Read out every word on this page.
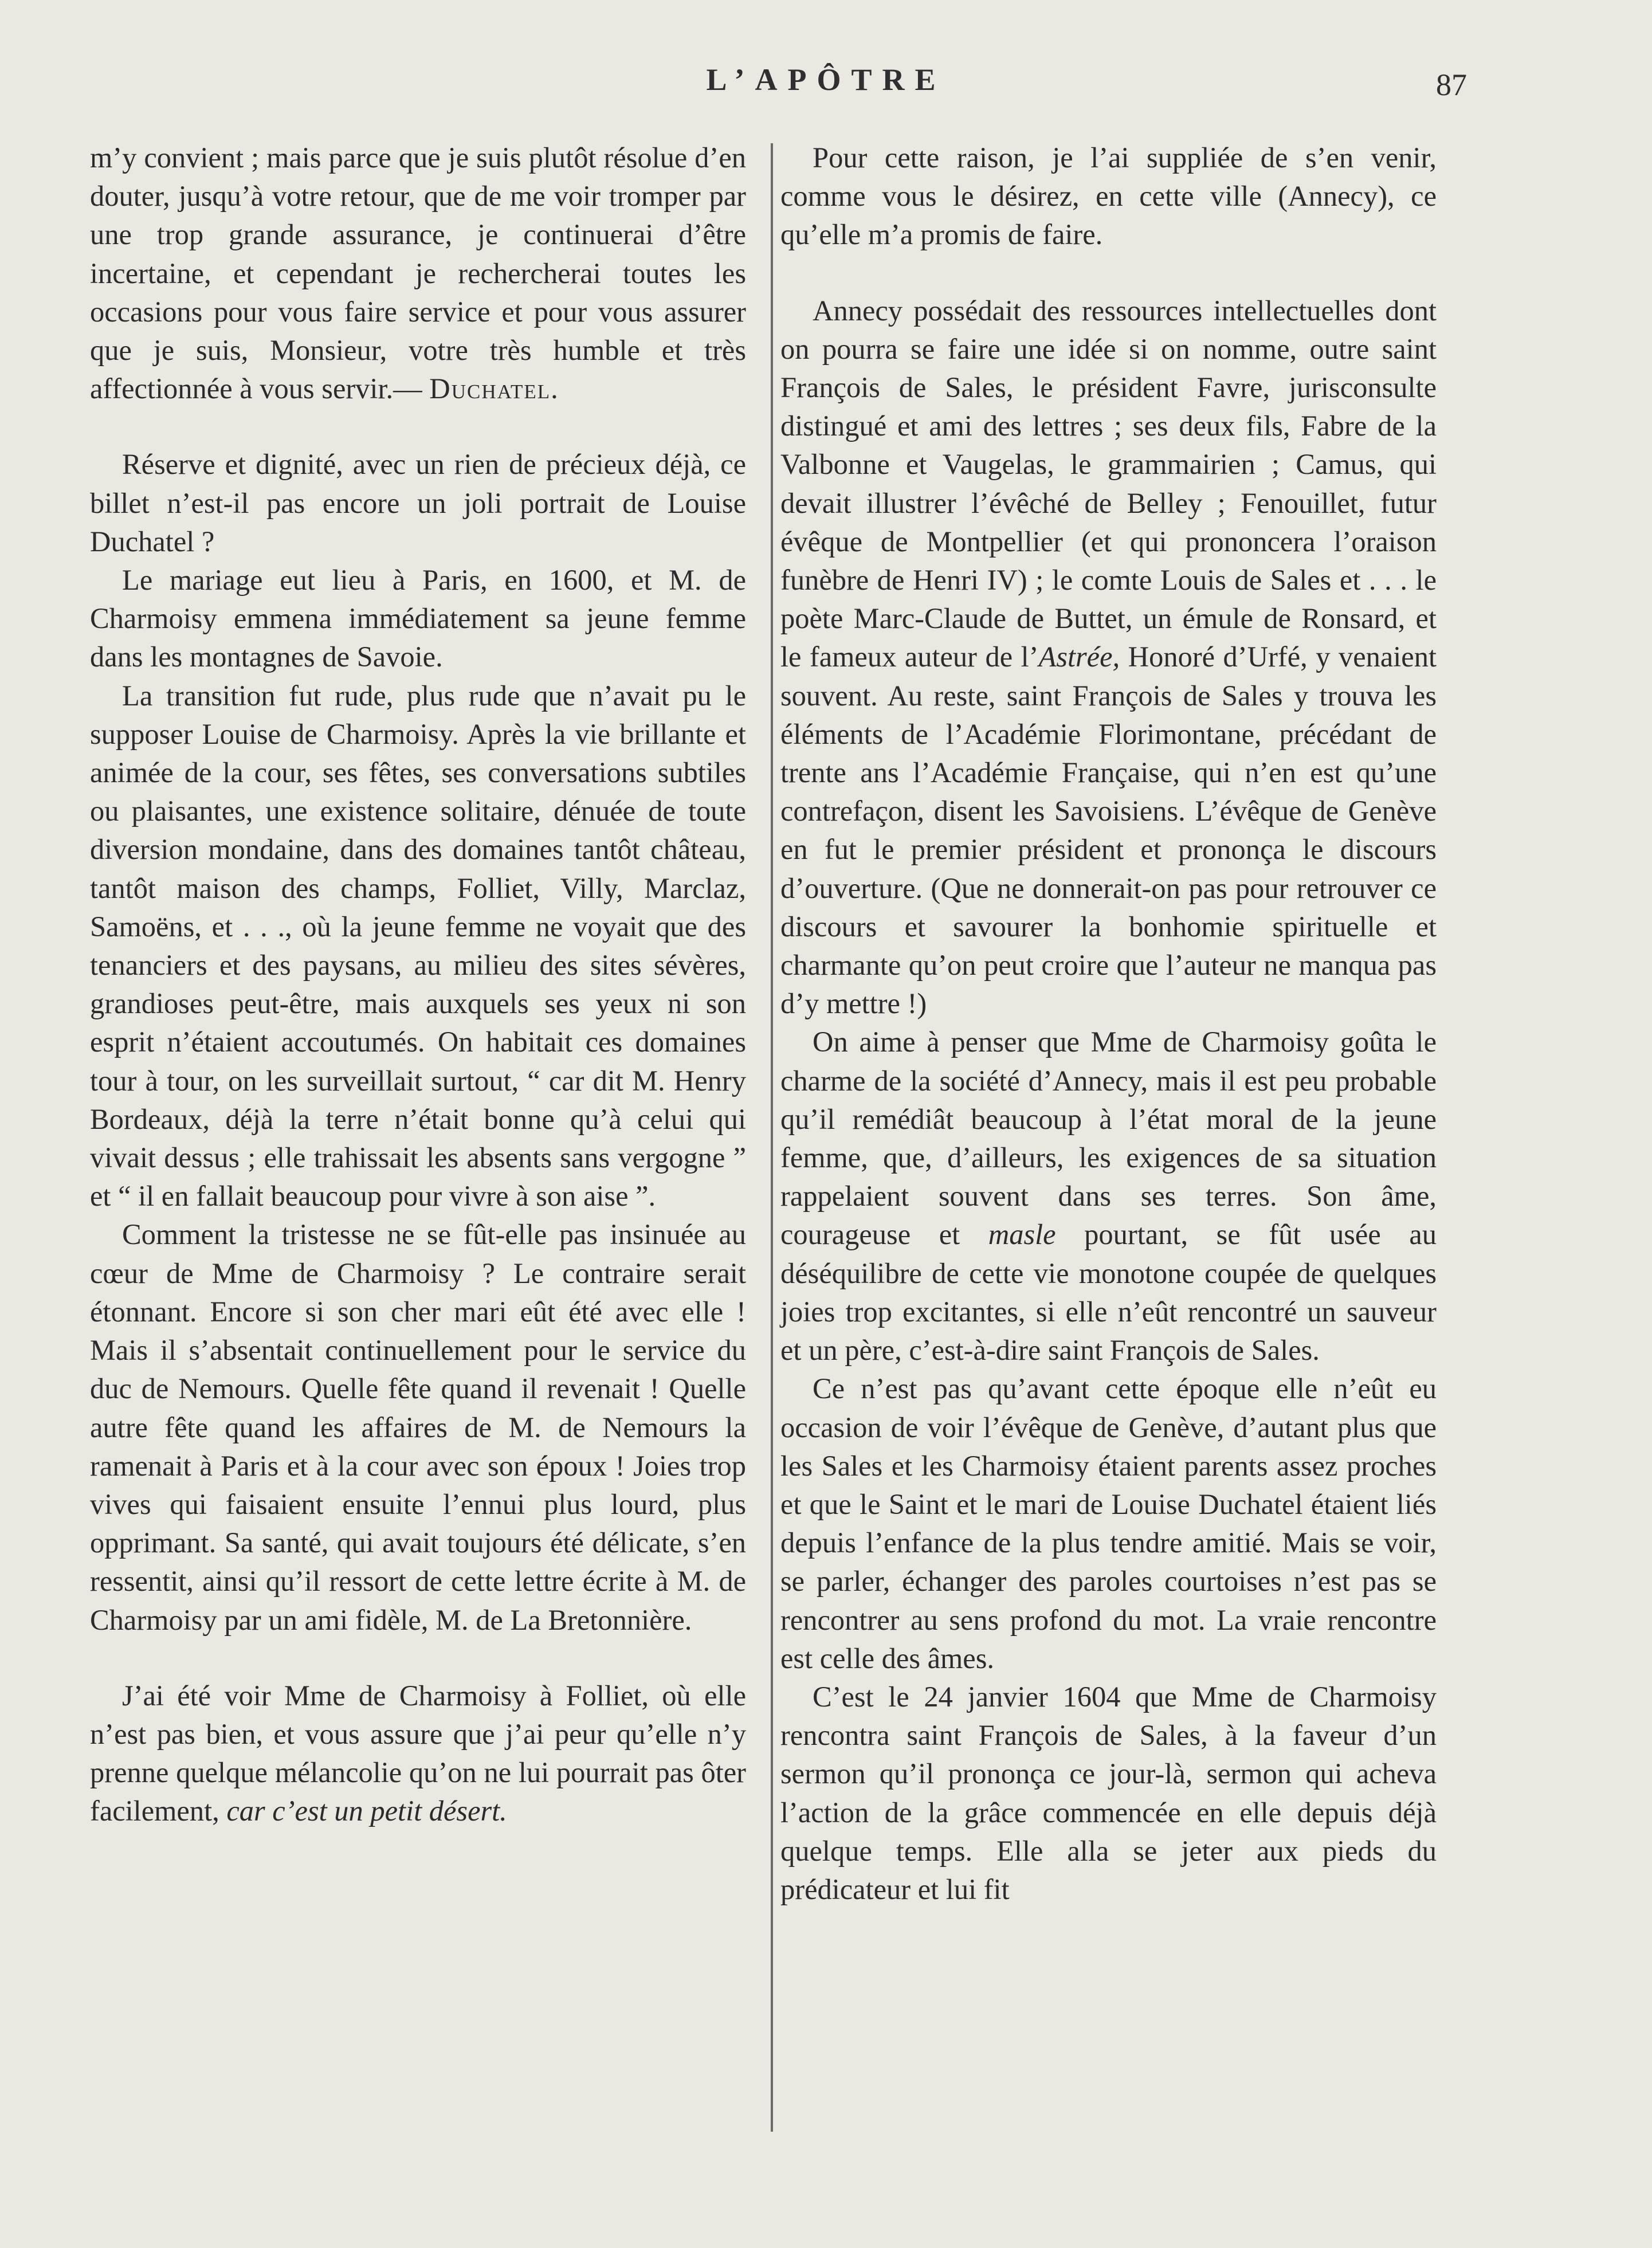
L’APÔTRE	87

m’y convient ; mais parce que je suis plutôt résolue d’en douter, jusqu’à votre retour, que de me voir tromper par une trop grande assurance, je continuerai d’être incertaine, et cependant je rechercherai toutes les occasions pour vous faire service et pour vous assurer que je suis, Monsieur, votre très humble et très affectionnée à vous servir.— Duchatel.

Réserve et dignité, avec un rien de précieux déjà, ce billet n’est-il pas encore un joli portrait de Louise Duchatel ?

Le mariage eut lieu à Paris, en 1600, et M. de Charmoisy emmena immédiatement sa jeune femme dans les montagnes de Savoie.

La transition fut rude, plus rude que n’avait pu le supposer Louise de Charmoisy. Après la vie brillante et animée de la cour, ses fêtes, ses conversations subtiles ou plaisantes, une existence solitaire, dénuée de toute diversion mondaine, dans des domaines tantôt château, tantôt maison des champs, Folliet, Villy, Marclaz, Samoëns, et . . ., où la jeune femme ne voyait que des tenanciers et des paysans, au milieu des sites sévères, grandioses peut-être, mais auxquels ses yeux ni son esprit n’étaient accoutumés. On habitait ces domaines tour à tour, on les surveillait surtout, “ car dit M. Henry Bordeaux, déjà la terre n’était bonne qu’à celui qui vivait dessus ; elle trahissait les absents sans vergogne ” et “ il en fallait beaucoup pour vivre à son aise ”.

Comment la tristesse ne se fût-elle pas insinuée au cœur de Mme de Charmoisy ? Le contraire serait étonnant. Encore si son cher mari eût été avec elle ! Mais il s’absentait continuellement pour le service du duc de Nemours. Quelle fête quand il revenait ! Quelle autre fête quand les affaires de M. de Nemours la ramenait à Paris et à la cour avec son époux ! Joies trop vives qui faisaient ensuite l’ennui plus lourd, plus opprimant. Sa santé, qui avait toujours été délicate, s’en ressentit, ainsi qu’il ressort de cette lettre écrite à M. de Charmoisy par un ami fidèle, M. de La Bretonnière.

J’ai été voir Mme de Charmoisy à Folliet, où elle n’est pas bien, et vous assure que j’ai peur qu’elle n’y prenne quelque mélancolie qu’on ne lui pourrait pas ôter facilement, car c’est un petit désert.

Pour cette raison, je l’ai suppliée de s’en venir, comme vous le désirez, en cette ville (Annecy), ce qu’elle m’a promis de faire.

Annecy possédait des ressources intellectuelles dont on pourra se faire une idée si on nomme, outre saint François de Sales, le président Favre, jurisconsulte distingué et ami des lettres ; ses deux fils, Fabre de la Valbonne et Vaugelas, le grammairien ; Camus, qui devait illustrer l’évêché de Belley ; Fenouillet, futur évêque de Montpellier (et qui prononcera l’oraison funèbre de Henri IV) ; le comte Louis de Sales et . . . le poète Marc-Claude de Buttet, un émule de Ronsard, et le fameux auteur de l’Astrée, Honoré d’Urfé, y venaient souvent. Au reste, saint François de Sales y trouva les éléments de l’Académie Florimontane, précédant de trente ans l’Académie Française, qui n’en est qu’une contrefaçon, disent les Savoisiens. L’évêque de Genève en fut le premier président et prononça le discours d’ouverture. (Que ne donnerait-on pas pour retrouver ce discours et savourer la bonhomie spirituelle et charmante qu’on peut croire que l’auteur ne manqua pas d’y mettre !)

On aime à penser que Mme de Charmoisy goûta le charme de la société d’Annecy, mais il est peu probable qu’il remédiât beaucoup à l’état moral de la jeune femme, que, d’ailleurs, les exigences de sa situation rappelaient souvent dans ses terres. Son âme, courageuse et masle pourtant, se fût usée au déséquilibre de cette vie monotone coupée de quelques joies trop excitantes, si elle n’eût rencontré un sauveur et un père, c’est-à-dire saint François de Sales.

Ce n’est pas qu’avant cette époque elle n’eût eu occasion de voir l’évêque de Genève, d’autant plus que les Sales et les Charmoisy étaient parents assez proches et que le Saint et le mari de Louise Duchatel étaient liés depuis l’enfance de la plus tendre amitié. Mais se voir, se parler, échanger des paroles courtoises n’est pas se rencontrer au sens profond du mot. La vraie rencontre est celle des âmes.

C’est le 24 janvier 1604 que Mme de Charmoisy rencontra saint François de Sales, à la faveur d’un sermon qu’il prononça ce jour-là, sermon qui acheva l’action de la grâce commencée en elle depuis déjà quelque temps. Elle alla se jeter aux pieds du prédicateur et lui fit
